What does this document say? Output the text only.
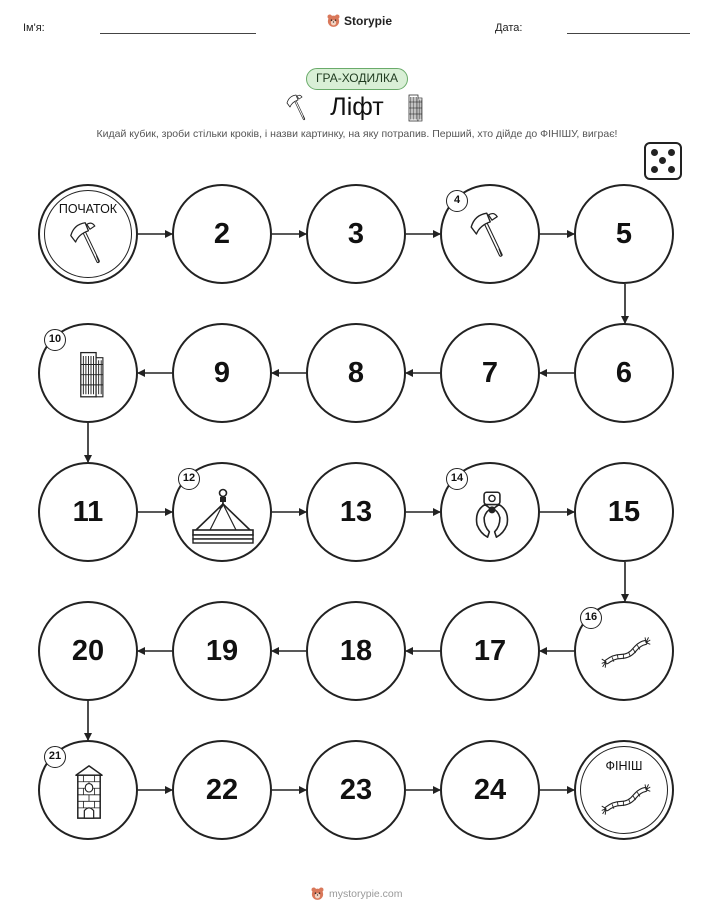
Ім'я:
Storypie
Дата:
ГРА-ХОДИЛКА
Ліфт
Кидай кубик, зроби стільки кроків, і назви картинку, на яку потрапив. Перший, хто дійде до ФІНІШУ, виграє!
ПОЧАТОК
2	3
4
5
10
9	8	7	6
11
12
13
14
15
20	19	18	17
16
21
22	23	24
ФІНІШ
mystorypie.com
